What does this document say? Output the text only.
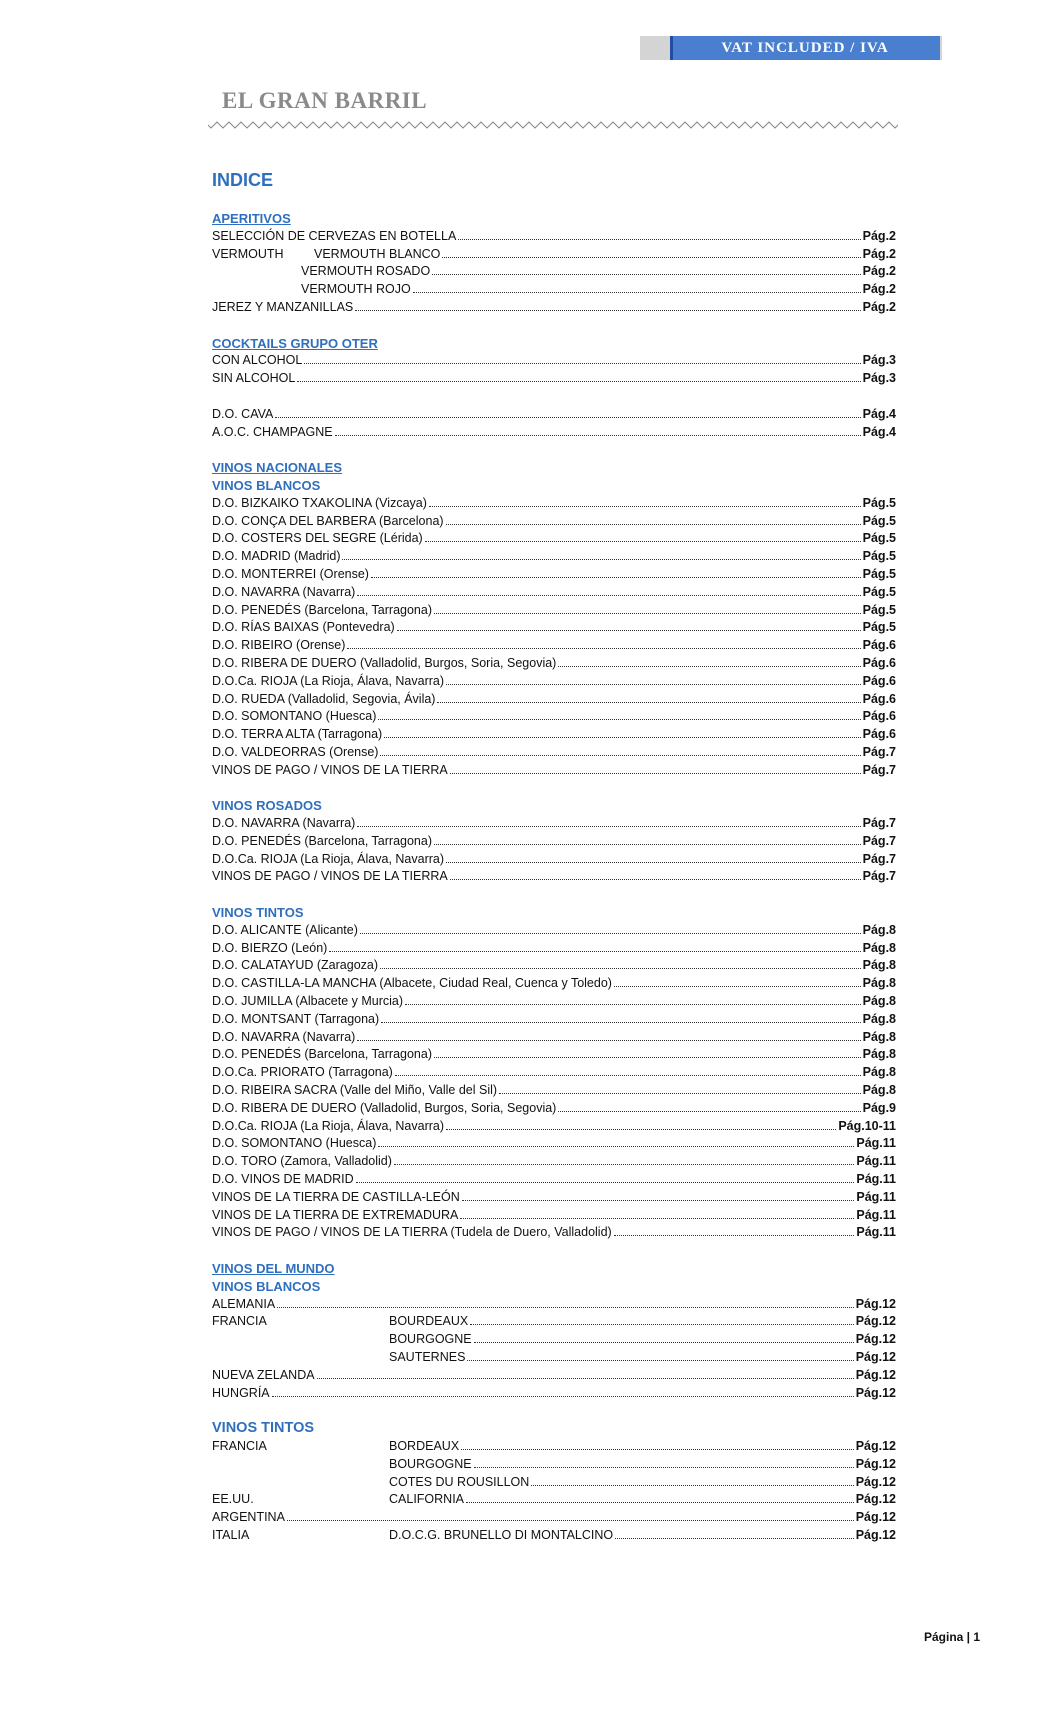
VAT INCLUDED / IVA
EL GRAN BARRIL
INDICE
APERITIVOS
SELECCIÓN DE CERVEZAS EN BOTELLA	Pág.2
VERMOUTH VERMOUTH BLANCO	Pág.2
VERMOUTH ROSADO	Pág.2
VERMOUTH ROJO	Pág.2
JEREZ Y MANZANILLAS	Pág.2
COCKTAILS GRUPO OTER
CON ALCOHOL	Pág.3
SIN ALCOHOL	Pág.3
D.O. CAVA	Pág.4
A.O.C. CHAMPAGNE	Pág.4
VINOS NACIONALES
VINOS BLANCOS
D.O. BIZKAIKO TXAKOLINA (Vizcaya)	Pág.5
D.O. CONÇA DEL BARBERA (Barcelona)	Pág.5
D.O. COSTERS DEL SEGRE (Lérida)	Pág.5
D.O. MADRID (Madrid)	Pág.5
D.O. MONTERREI (Orense)	Pág.5
D.O. NAVARRA (Navarra)	Pág.5
D.O. PENEDÉS (Barcelona, Tarragona)	Pág.5
D.O. RÍAS BAIXAS (Pontevedra)	Pág.5
D.O. RIBEIRO (Orense)	Pág.6
D.O. RIBERA DE DUERO (Valladolid, Burgos, Soria, Segovia)	Pág.6
D.O.Ca. RIOJA (La Rioja, Álava, Navarra)	Pág.6
D.O. RUEDA (Valladolid, Segovia, Ávila)	Pág.6
D.O. SOMONTANO (Huesca)	Pág.6
D.O. TERRA ALTA (Tarragona)	Pág.6
D.O. VALDEORRAS (Orense)	Pág.7
VINOS DE PAGO / VINOS DE LA TIERRA	Pág.7
VINOS ROSADOS
D.O. NAVARRA (Navarra)	Pág.7
D.O. PENEDÉS (Barcelona, Tarragona)	Pág.7
D.O.Ca. RIOJA (La Rioja, Álava, Navarra)	Pág.7
VINOS DE PAGO / VINOS DE LA TIERRA	Pág.7
VINOS TINTOS
D.O. ALICANTE (Alicante)	Pág.8
D.O. BIERZO (León)	Pág.8
D.O. CALATAYUD (Zaragoza)	Pág.8
D.O. CASTILLA-LA MANCHA (Albacete, Ciudad Real, Cuenca y Toledo)	Pág.8
D.O. JUMILLA (Albacete y Murcia)	Pág.8
D.O. MONTSANT (Tarragona)	Pág.8
D.O. NAVARRA (Navarra)	Pág.8
D.O. PENEDÉS (Barcelona, Tarragona)	Pág.8
D.O.Ca. PRIORATO (Tarragona)	Pág.8
D.O. RIBEIRA SACRA (Valle del Miño, Valle del Sil)	Pág.8
D.O. RIBERA DE DUERO (Valladolid, Burgos, Soria, Segovia)	Pág.9
D.O.Ca. RIOJA (La Rioja, Álava, Navarra)	Pág.10-11
D.O. SOMONTANO (Huesca)	Pág.11
D.O. TORO (Zamora, Valladolid)	Pág.11
D.O. VINOS DE MADRID	Pág.11
VINOS DE LA TIERRA DE CASTILLA-LEÓN	Pág.11
VINOS DE LA TIERRA DE EXTREMADURA	Pág.11
VINOS DE PAGO / VINOS DE LA TIERRA (Tudela de Duero, Valladolid)	Pág.11
VINOS DEL MUNDO
VINOS BLANCOS
ALEMANIA	Pág.12
FRANCIA	BOURDEAUX	Pág.12
BOURGOGNE	Pág.12
SAUTERNES	Pág.12
NUEVA ZELANDA	Pág.12
HUNGRÍA	Pág.12
VINOS TINTOS
FRANCIA	BORDEAUX	Pág.12
BOURGOGNE	Pág.12
COTES DU ROUSILLON	Pág.12
EE.UU.	CALIFORNIA	Pág.12
ARGENTINA	Pág.12
ITALIA	D.O.C.G. BRUNELLO DI MONTALCINO	Pág.12
Página | 1
